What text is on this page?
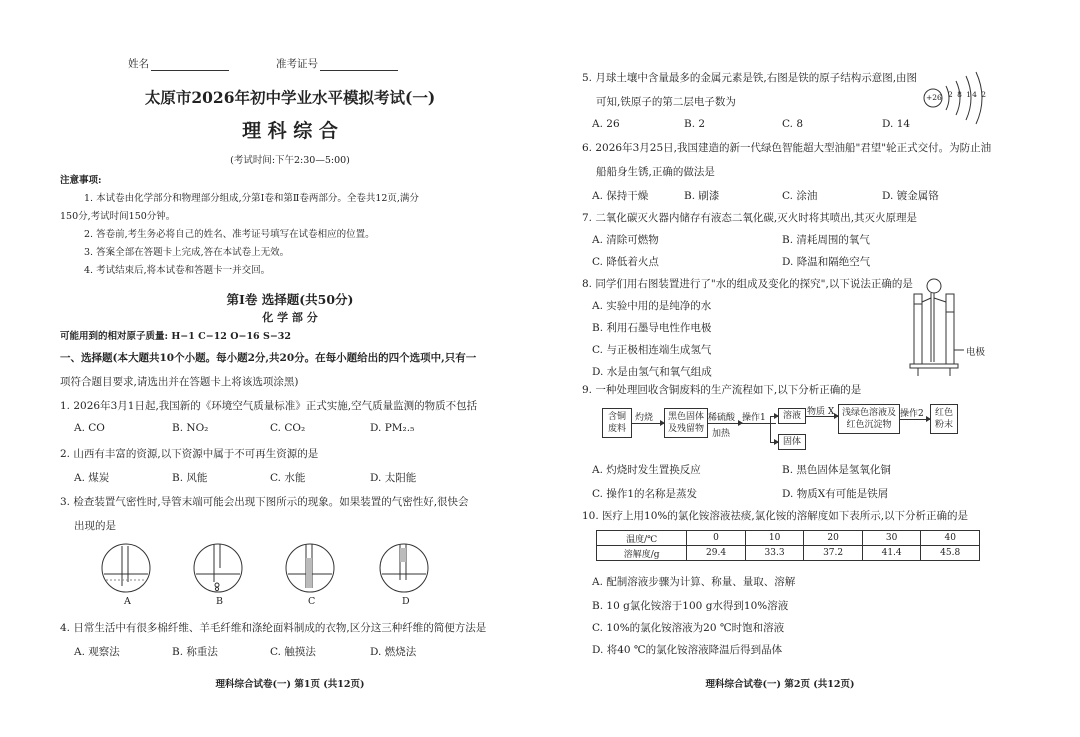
姓名	准考证号
太原市2026年初中学业水平模拟考试(一)
理 科 综 合
(考试时间:下午2:30—5:00)
注意事项:
1. 本试卷由化学部分和物理部分组成,分第Ⅰ卷和第Ⅱ卷两部分。全卷共12页,满分
150分,考试时间150分钟。
2. 答卷前,考生务必将自己的姓名、准考证号填写在试卷相应的位置。
3. 答案全部在答题卡上完成,答在本试卷上无效。
4. 考试结束后,将本试卷和答题卡一并交回。
第Ⅰ卷 选择题(共50分)
化 学 部 分
可能用到的相对原子质量: H−1 C−12 O−16 S−32
一、选择题(本大题共10个小题。每小题2分,共20分。在每小题给出的四个选项中,只有一
项符合题目要求,请选出并在答题卡上将该选项涂黑)
1. 2026年3月1日起,我国新的《环境空气质量标准》正式实施,空气质量监测的物质不包括
A. CO	B. NO₂	C. CO₂	D. PM₂.₅
2. 山西有丰富的资源,以下资源中属于不可再生资源的是
A. 煤炭	B. 风能	C. 水能	D. 太阳能
3. 检查装置气密性时,导管末端可能会出现下图所示的现象。如果装置的气密性好,很快会
出现的是
A	B	C	D
4. 日常生活中有很多棉纤维、羊毛纤维和涤纶面料制成的衣物,区分这三种纤维的简便方法是
A. 观察法	B. 称重法	C. 触摸法	D. 燃烧法
理科综合试卷(一) 第1页 (共12页)
5. 月球土壤中含量最多的金属元素是铁,右图是铁的原子结构示意图,由图
可知,铁原子的第二层电子数为
A. 26	B. 2	C. 8	D. 14
+26 2 8 14 2
6. 2026年3月25日,我国建造的新一代绿色智能超大型油船"君望"轮正式交付。为防止油
船船身生锈,正确的做法是
A. 保持干燥	B. 刷漆	C. 涂油	D. 镀金属铬
7. 二氧化碳灭火器内储存有液态二氧化碳,灭火时将其喷出,其灭火原理是
A. 清除可燃物	B. 清耗周围的氧气
C. 降低着火点	D. 降温和隔绝空气
8. 同学们用右图装置进行了"水的组成及变化的探究",以下说法正确的是
A. 实验中用的是纯净的水
B. 利用石墨导电性作电极
C. 与正极相连端生成氢气
D. 水是由氢气和氧气组成
电极
9. 一种处理回收含铜废料的生产流程如下,以下分析正确的是
含铜
废料
灼烧	黑色固体
及残留物
稀硫酸
加热
操作1	溶液
固体
物质 X 浅绿色溶液及
红色沉淀物
操作2	红色
粉末
A. 灼烧时发生置换反应	B. 黑色固体是氢氧化铜
C. 操作1的名称是蒸发	D. 物质X有可能是铁屑
10. 医疗上用10%的氯化铵溶液祛痰,氯化铵的溶解度如下表所示,以下分析正确的是
温度/℃	0	10	20	30	40
溶解度/g	29.4	33.3	37.2	41.4	45.8
A. 配制溶液步骤为计算、称量、量取、溶解
B. 10 g氯化铵溶于100 g水得到10%溶液
C. 10%的氯化铵溶液为20 ℃时饱和溶液
D. 将40 ℃的氯化铵溶液降温后得到晶体
理科综合试卷(一) 第2页 (共12页)
